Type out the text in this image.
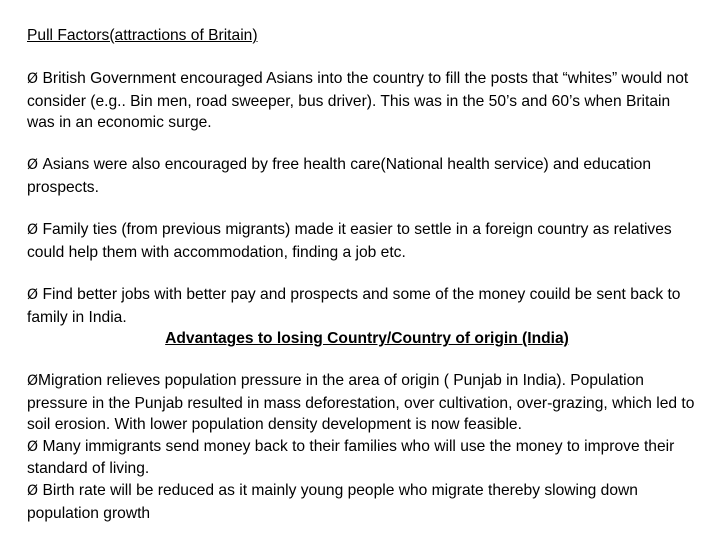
Pull Factors(attractions of Britain)

Ø British Government encouraged Asians into the country to fill the posts that “whites” would not consider (e.g.. Bin men, road sweeper, bus driver). This was in the 50’s and 60’s when Britain was in an economic surge.

Ø Asians were also encouraged by free health care(National health service) and education prospects.

Ø Family ties (from previous migrants) made it easier to settle in a foreign country as relatives could help them with accommodation, finding a job etc.

Ø Find better jobs with better pay and prospects and some of the money couild be sent back to family in India.

Advantages to losing Country/Country of origin (India)

ØMigration relieves population pressure in the area of origin ( Punjab in India). Population pressure in the Punjab resulted in mass deforestation, over cultivation, over-grazing, which led to soil erosion. With lower population density development is now feasible.

Ø Many immigrants send money back to their families who will use the money to improve their standard of living.

Ø Birth rate will be reduced as it mainly young people who migrate thereby slowing down population growth
